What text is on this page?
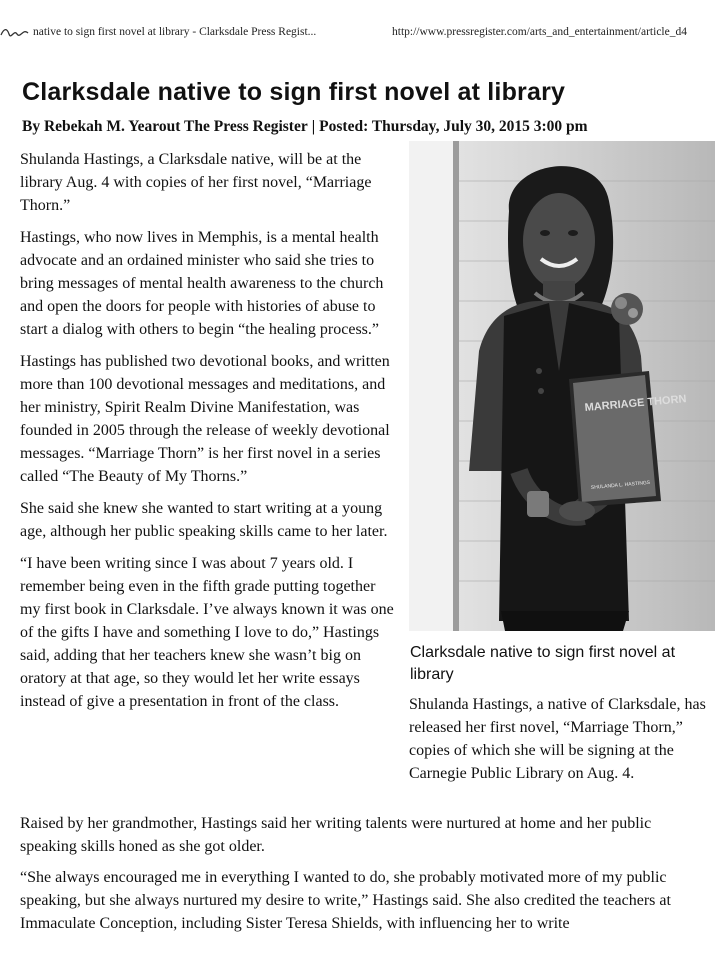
native to sign first novel at library - Clarksdale Press Regist...	http://www.pressregister.com/arts_and_entertainment/article_d4
Clarksdale native to sign first novel at library
By Rebekah M. Yearout The Press Register | Posted: Thursday, July 30, 2015 3:00 pm

Shulanda Hastings, a Clarksdale native, will be at the library Aug. 4 with copies of her first novel, “Marriage Thorn.”

Hastings, who now lives in Memphis, is a mental health advocate and an ordained minister who said she tries to bring messages of mental health awareness to the church and open the doors for people with histories of abuse to start a dialog with others to begin “the healing process.”

Hastings has published two devotional books, and written more than 100 devotional messages and meditations, and her ministry, Spirit Realm Divine Manifestation, was founded in 2005 through the release of weekly devotional messages. “Marriage Thorn” is her first novel in a series called “The Beauty of My Thorns.”

She said she knew she wanted to start writing at a young age, although her public speaking skills came to her later.

“I have been writing since I was about 7 years old. I remember being even in the fifth grade putting together my first book in Clarksdale. I’ve always known it was one of the gifts I have and something I love to do,” Hastings said, adding that her teachers knew she wasn’t big on oratory at that age, so they would let her write essays instead of give a presentation in front of the class.

MARRIAGE THORN
SHULANDA L. HASTINGS

Clarksdale native to sign first novel at library

Shulanda Hastings, a native of Clarksdale, has released her first novel, “Marriage Thorn,” copies of which she will be signing at the Carnegie Public Library on Aug. 4.

Raised by her grandmother, Hastings said her writing talents were nurtured at home and her public speaking skills honed as she got older.

“She always encouraged me in everything I wanted to do, she probably motivated more of my public speaking, but she always nurtured my desire to write,” Hastings said. She also credited the teachers at Immaculate Conception, including Sister Teresa Shields, with influencing her to write
